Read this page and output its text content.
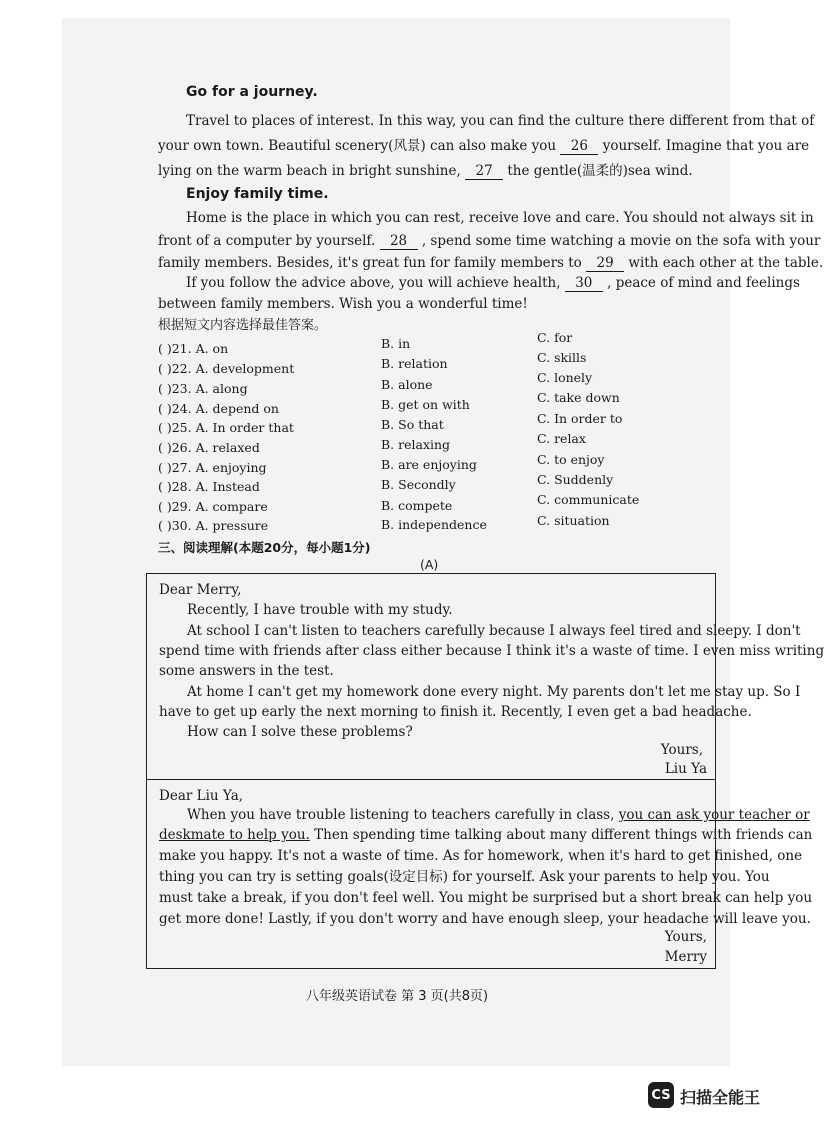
Go for a journey.
Travel to places of interest. In this way, you can find the culture there different from that of
your own town. Beautiful scenery(风景) can also make you 26 yourself. Imagine that you are
lying on the warm beach in bright sunshine, 27 the gentle(温柔的)sea wind.
Enjoy family time.
Home is the place in which you can rest, receive love and care. You should not always sit in
front of a computer by yourself. 28 , spend some time watching a movie on the sofa with your
family members. Besides, it's great fun for family members to 29 with each other at the table.
If you follow the advice above, you will achieve health, 30 , peace of mind and feelings
between family members. Wish you a wonderful time!
根据短文内容选择最佳答案。
( )21. A. on	B. in	C. for
( )22. A. development	B. relation	C. skills
( )23. A. along	B. alone	C. lonely
( )24. A. depend on	B. get on with	C. take down
( )25. A. In order that	B. So that	C. In order to
( )26. A. relaxed	B. relaxing	C. relax
( )27. A. enjoying	B. are enjoying	C. to enjoy
( )28. A. Instead	B. Secondly	C. Suddenly
( )29. A. compare	B. compete	C. communicate
( )30. A. pressure	B. independence	C. situation
三、阅读理解(本题20分，每小题1分)
(A)
Dear Merry,
Recently, I have trouble with my study.
At school I can't listen to teachers carefully because I always feel tired and sleepy. I don't
spend time with friends after class either because I think it's a waste of time. I even miss writing
some answers in the test.
At home I can't get my homework done every night. My parents don't let me stay up. So I
have to get up early the next morning to finish it. Recently, I even get a bad headache.
How can I solve these problems?
Yours,
Liu Ya
Dear Liu Ya,
When you have trouble listening to teachers carefully in class, you can ask your teacher or
deskmate to help you. Then spending time talking about many different things with friends can
make you happy. It's not a waste of time. As for homework, when it's hard to get finished, one
thing you can try is setting goals(设定目标) for yourself. Ask your parents to help you. You
must take a break, if you don't feel well. You might be surprised but a short break can help you
get more done! Lastly, if you don't worry and have enough sleep, your headache will leave you.
Yours,
Merry
八年级英语试卷 第 3 页(共8页)
CS 扫描全能王
